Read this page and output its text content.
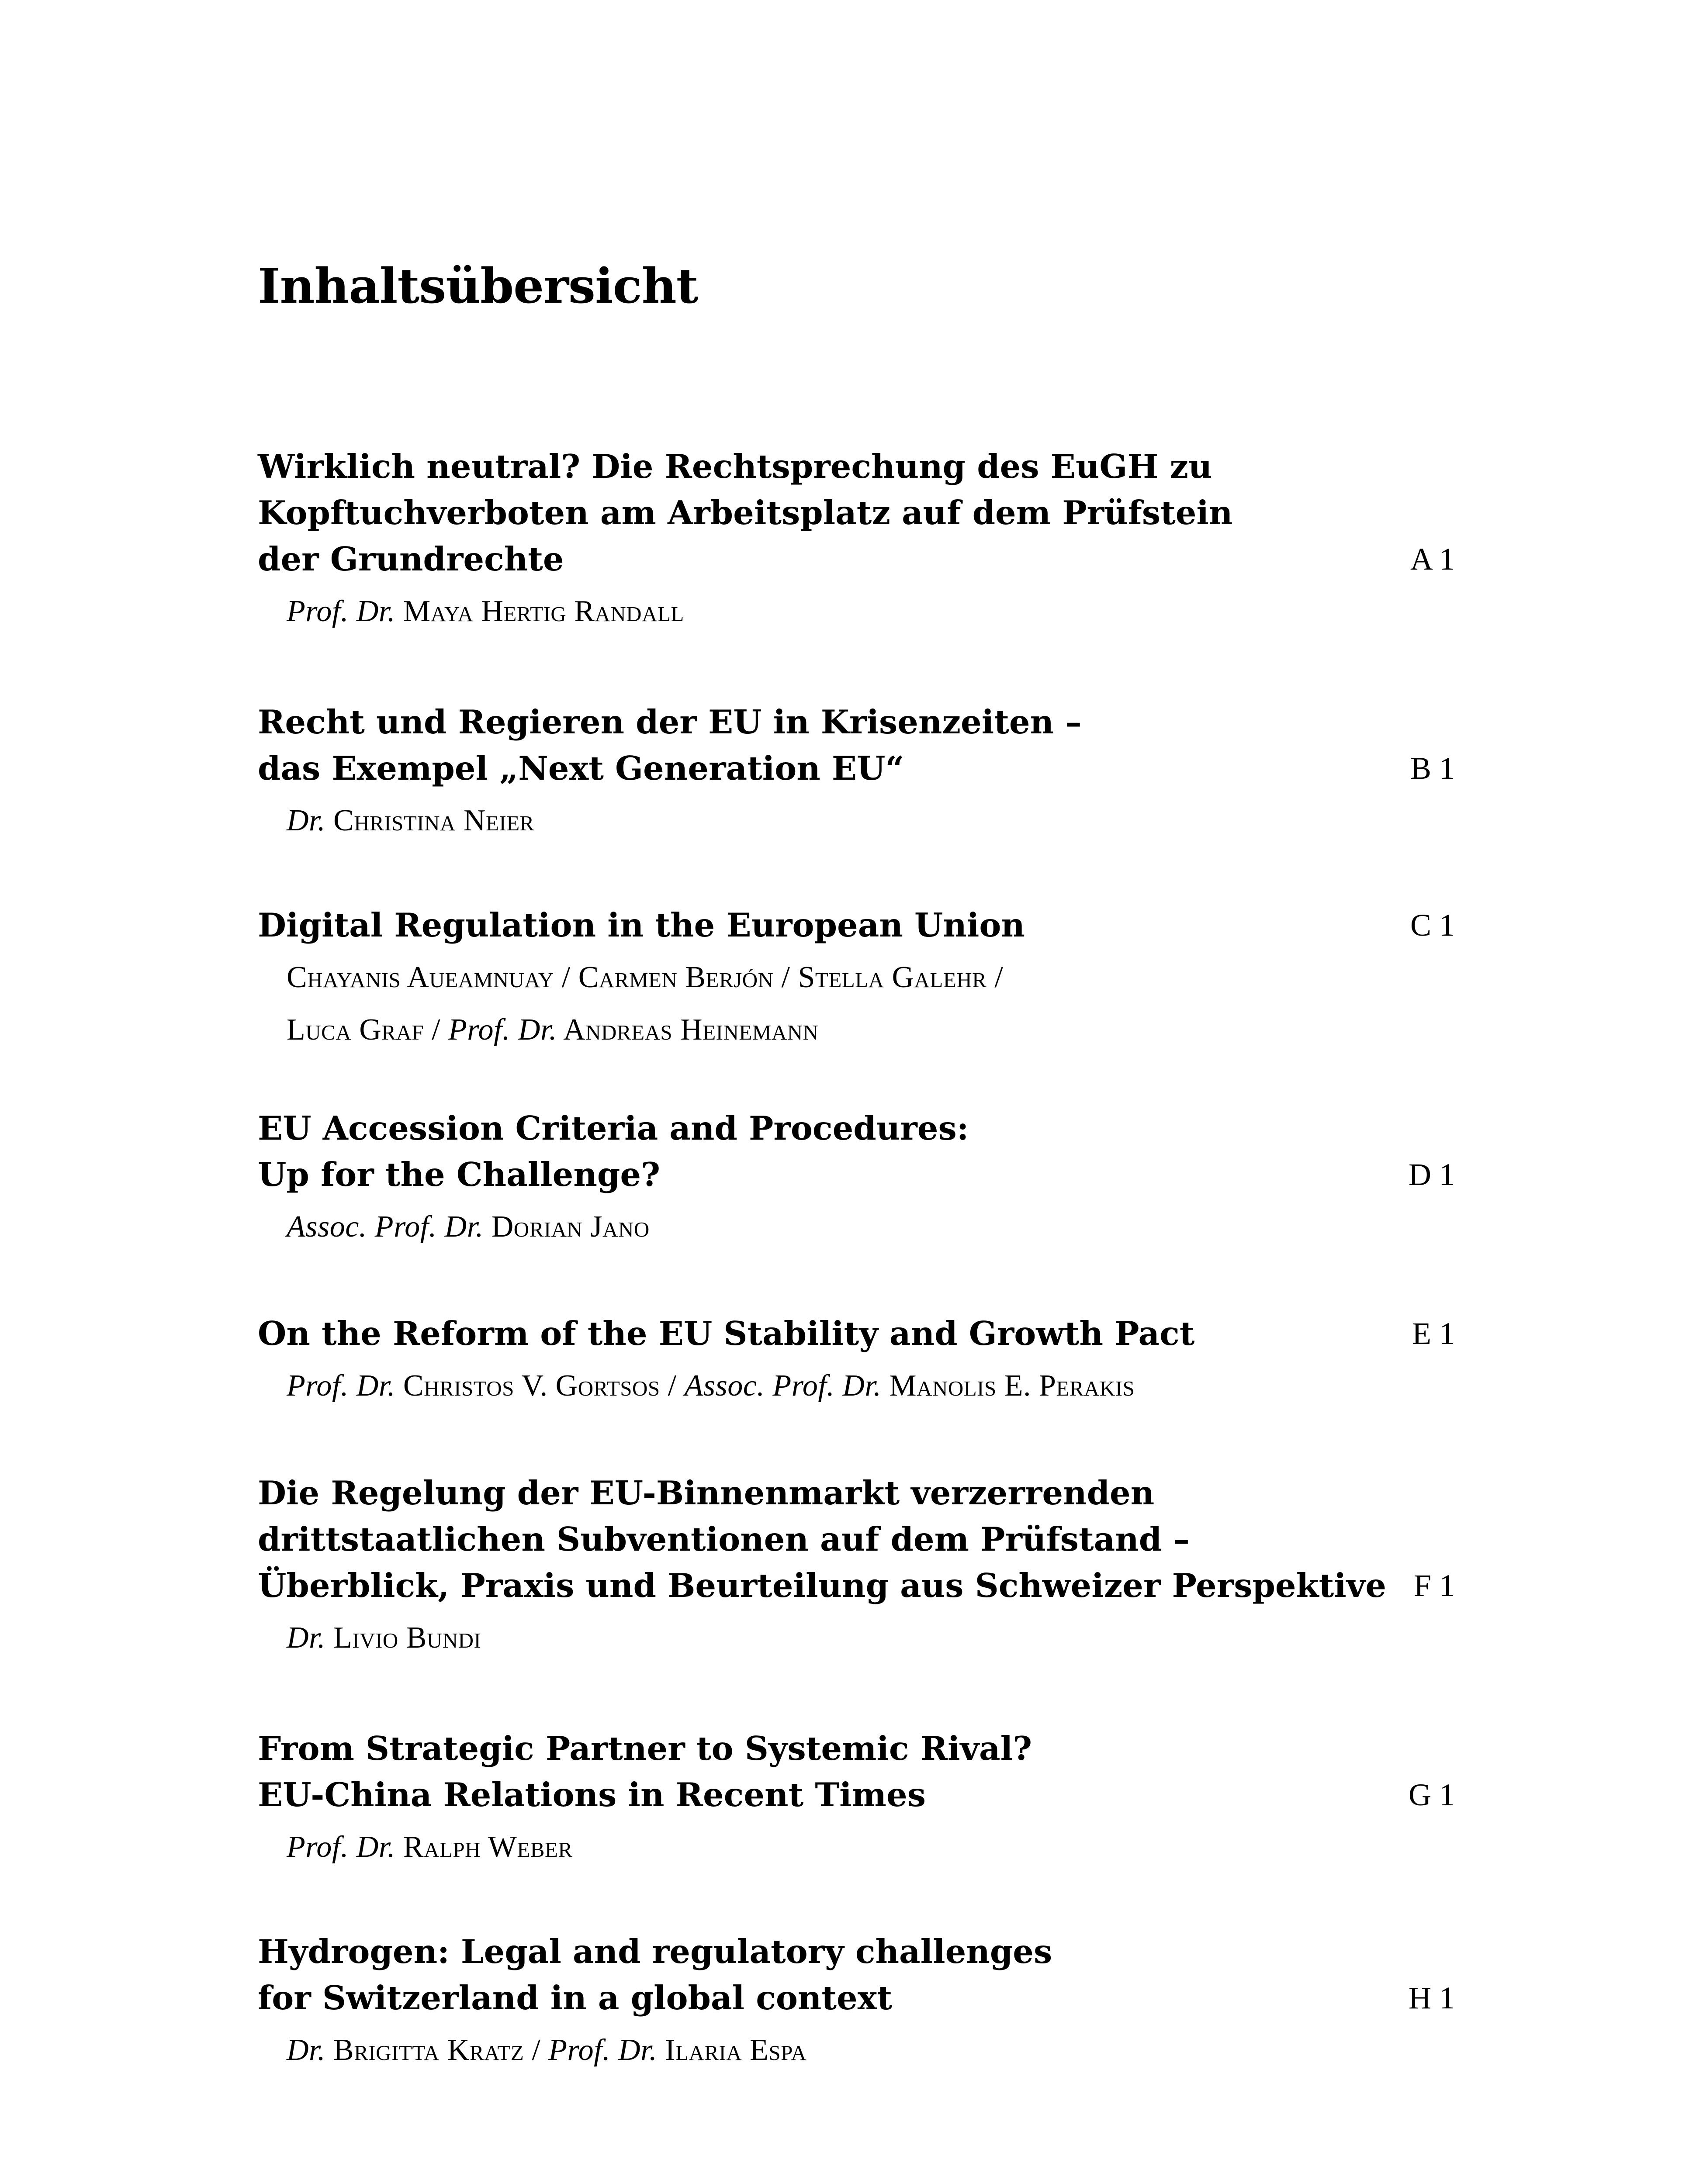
Inhaltsübersicht
Wirklich neutral? Die Rechtsprechung des EuGH zu
Kopftuchverboten am Arbeitsplatz auf dem Prüfstein
der Grundrechte
Prof. Dr. Maya Hertig Randall
A 1
Recht und Regieren der EU in Krisenzeiten –
das Exempel „Next Generation EU“
Dr. Christina Neier
B 1
Digital Regulation in the European Union
Chayanis Aueamnuay / Carmen Berjón / Stella Galehr /
Luca Graf / Prof. Dr. Andreas Heinemann
C 1
EU Accession Criteria and Procedures:
Up for the Challenge?
Assoc. Prof. Dr. Dorian Jano
D 1
On the Reform of the EU Stability and Growth Pact
Prof. Dr. Christos V. Gortsos / Assoc. Prof. Dr. Manolis E. Perakis
E 1
Die Regelung der EU-Binnenmarkt verzerrenden
drittstaatlichen Subventionen auf dem Prüfstand –
Überblick, Praxis und Beurteilung aus Schweizer Perspektive
Dr. Livio Bundi
F 1
From Strategic Partner to Systemic Rival?
EU-China Relations in Recent Times
Prof. Dr. Ralph Weber
G 1
Hydrogen: Legal and regulatory challenges
for Switzerland in a global context
Dr. Brigitta Kratz / Prof. Dr. Ilaria Espa
H 1
